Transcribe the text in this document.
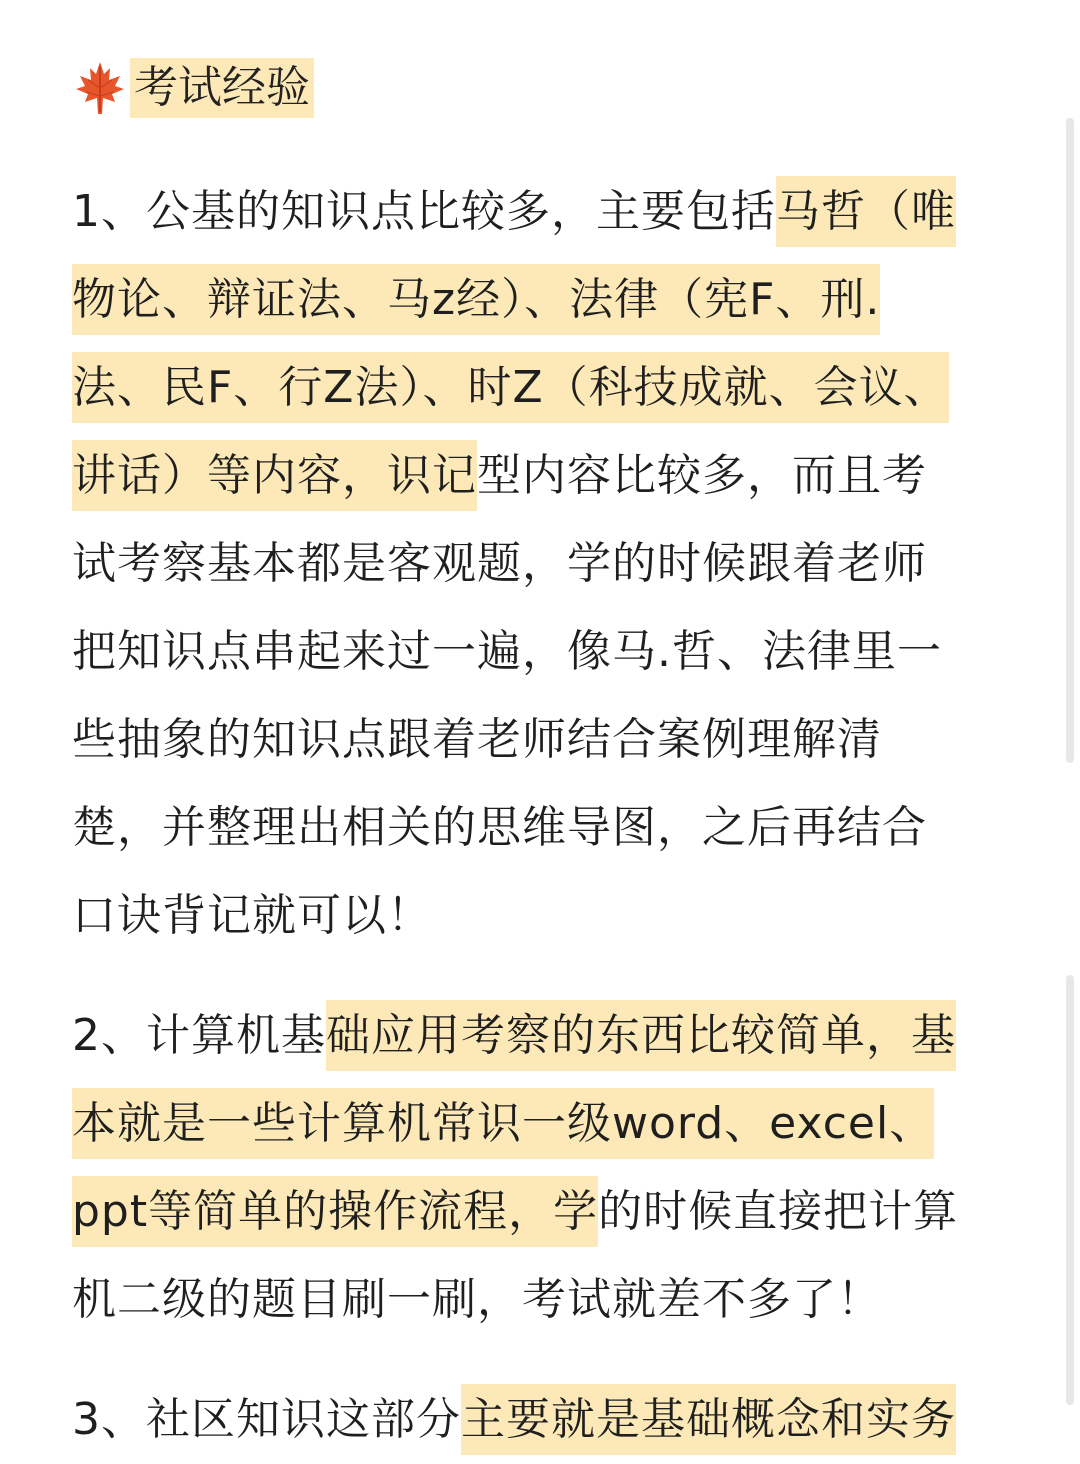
考试经验
1、公基的知识点比较多，主要包括马哲（唯
物论、辩证法、马z经）、法律（宪F、刑.
法、民F、行Z法）、时Z（科技成就、会议、
讲话）等内容，识记型内容比较多，而且考
试考察基本都是客观题，学的时候跟着老师
把知识点串起来过一遍，像马.哲、法律里一
些抽象的知识点跟着老师结合案例理解清
楚，并整理出相关的思维导图，之后再结合
口诀背记就可以！
2、计算机基础应用考察的东西比较简单，基
本就是一些计算机常识一级word、excel、
ppt等简单的操作流程，学的时候直接把计算
机二级的题目刷一刷，考试就差不多了！
3、社区知识这部分主要就是基础概念和实务
